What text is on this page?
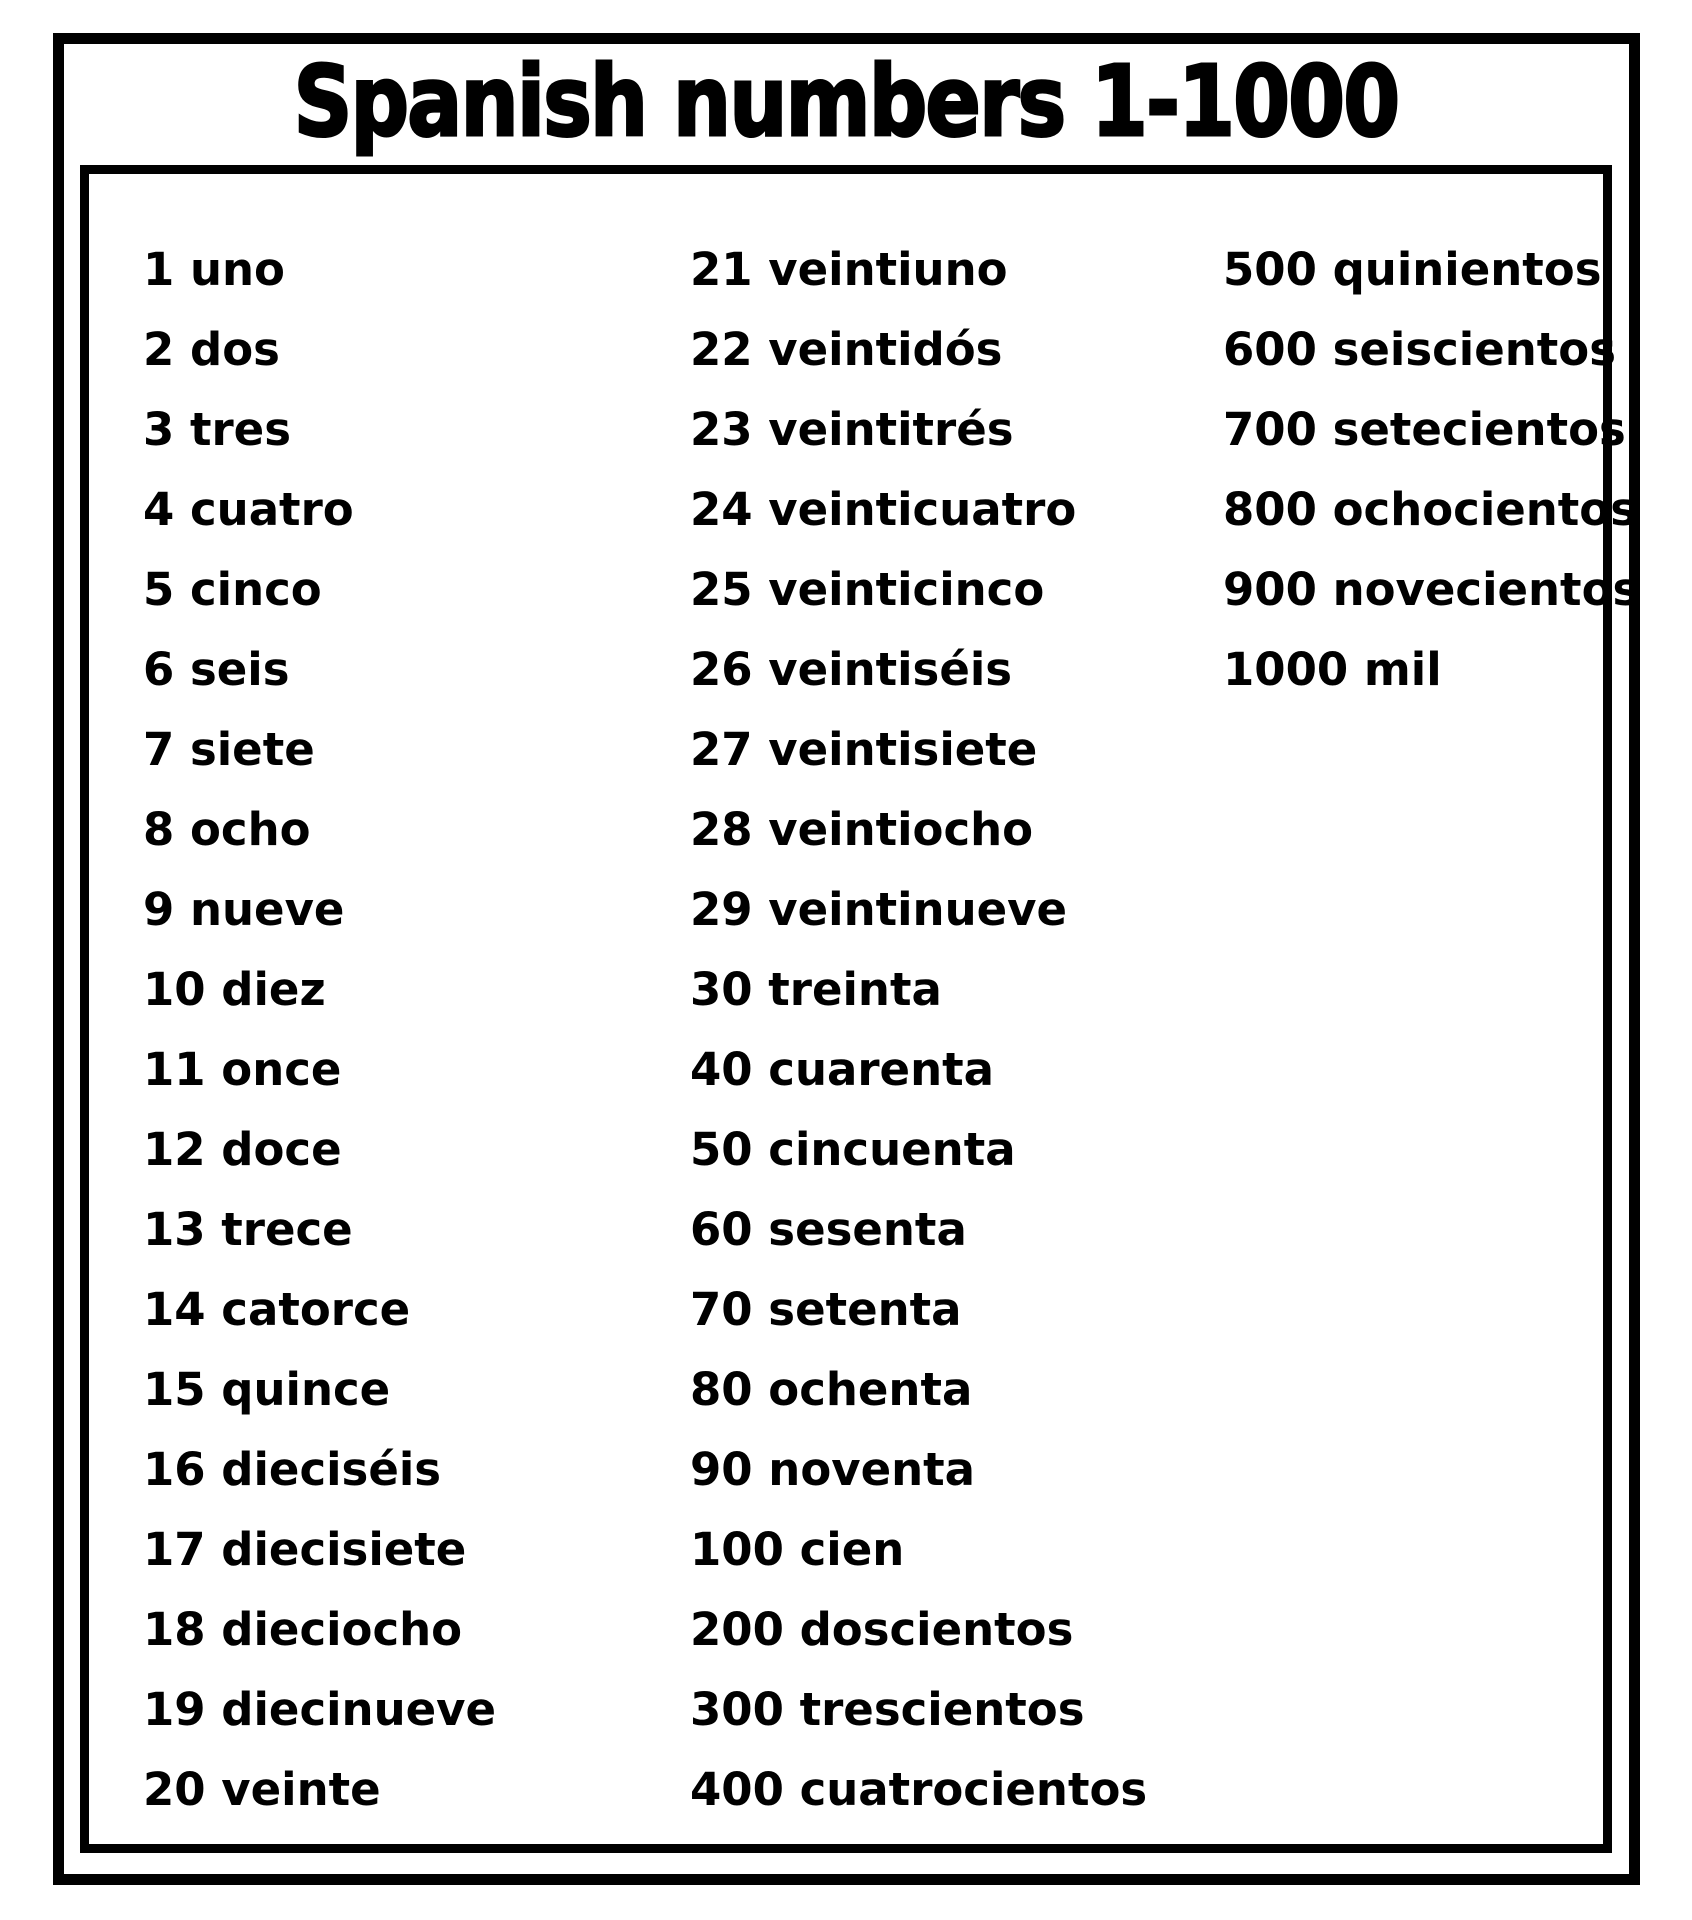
Spanish numbers 1-1000
1 uno
2 dos
3 tres
4 cuatro
5 cinco
6 seis
7 siete
8 ocho
9 nueve
10 diez
11 once
12 doce
13 trece
14 catorce
15 quince
16 dieciséis
17 diecisiete
18 dieciocho
19 diecinueve
20 veinte
21 veintiuno
22 veintidós
23 veintitrés
24 veinticuatro
25 veinticinco
26 veintiséis
27 veintisiete
28 veintiocho
29 veintinueve
30 treinta
40 cuarenta
50 cincuenta
60 sesenta
70 setenta
80 ochenta
90 noventa
100 cien
200 doscientos
300 trescientos
400 cuatrocientos
500 quinientos
600 seiscientos
700 setecientos
800 ochocientos
900 novecientos
1000 mil
